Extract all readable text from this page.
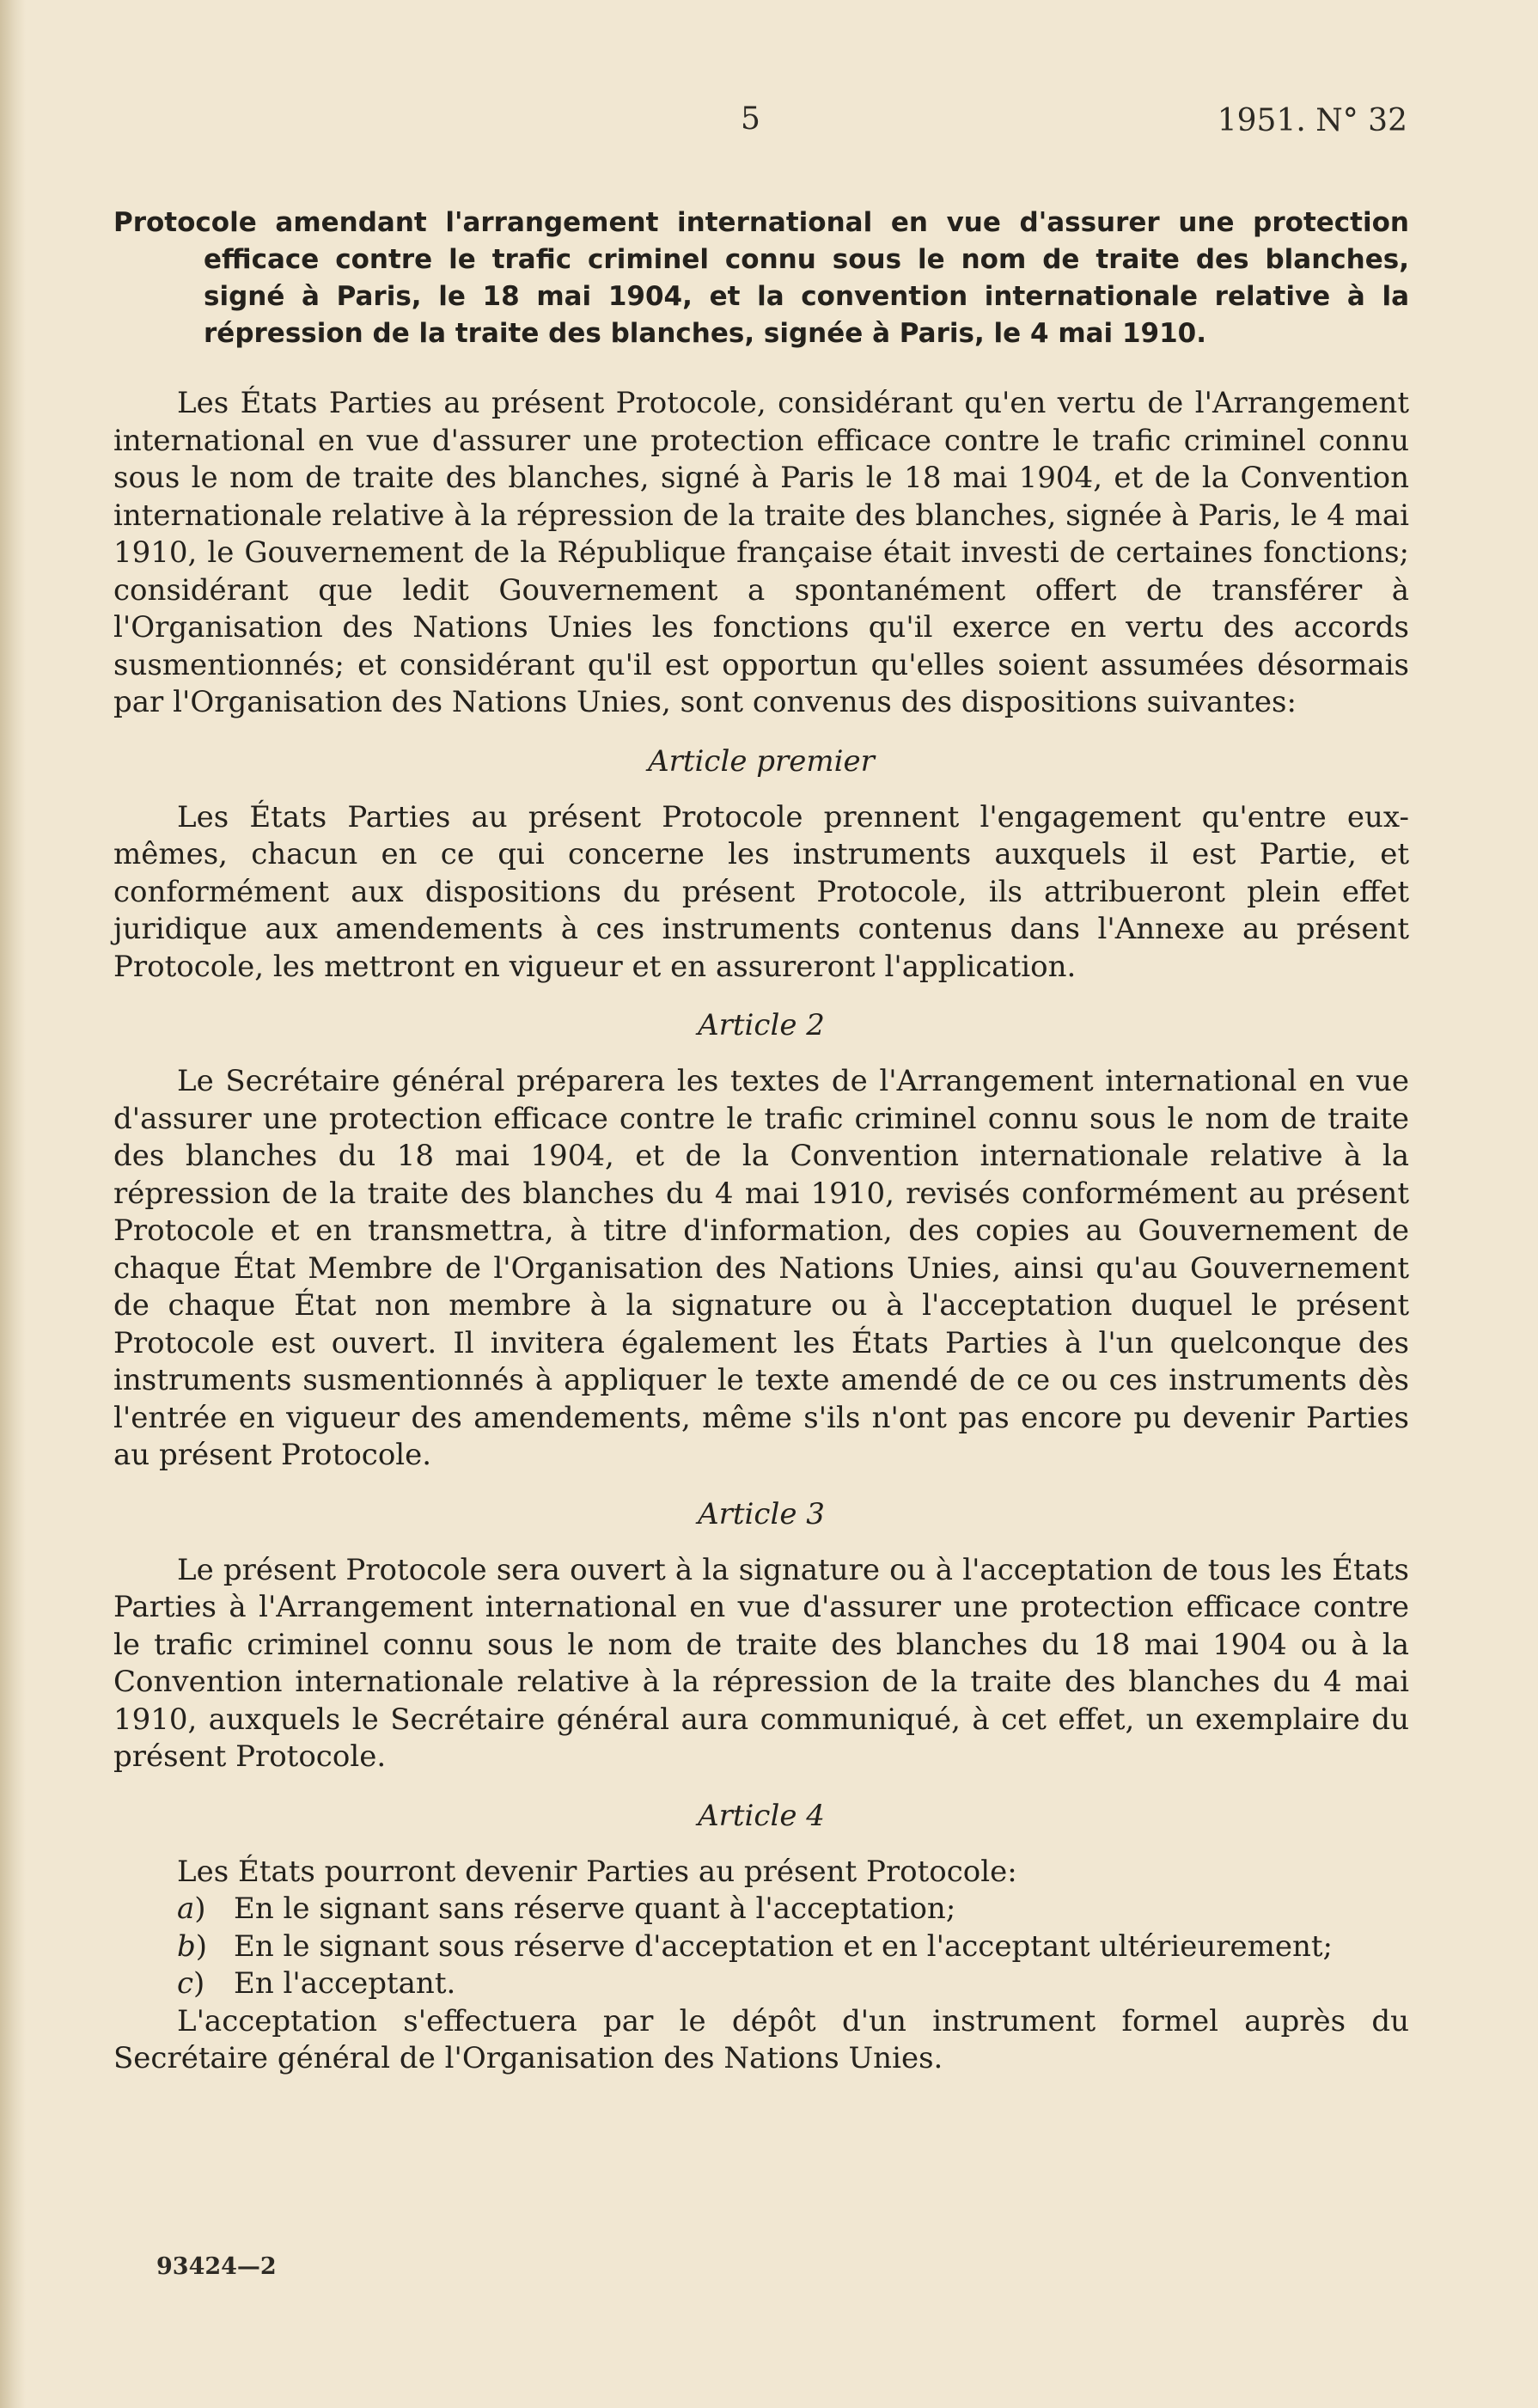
5	1951. N° 32
Protocole amendant l'arrangement international en vue d'assurer une protection efficace contre le trafic criminel connu sous le nom de traite des blanches, signé à Paris, le 18 mai 1904, et la convention internationale relative à la répression de la traite des blanches, signée à Paris, le 4 mai 1910.

Les États Parties au présent Protocole, considérant qu'en vertu de l'Arrangement international en vue d'assurer une protection efficace contre le trafic criminel connu sous le nom de traite des blanches, signé à Paris le 18 mai 1904, et de la Convention internationale relative à la répression de la traite des blanches, signée à Paris, le 4 mai 1910, le Gouvernement de la République française était investi de certaines fonctions; considérant que ledit Gouvernement a spontanément offert de transférer à l'Organisation des Nations Unies les fonctions qu'il exerce en vertu des accords susmentionnés; et considérant qu'il est opportun qu'elles soient assumées désormais par l'Organisation des Nations Unies, sont convenus des dispositions suivantes:

Article premier

Les États Parties au présent Protocole prennent l'engagement qu'entre eux-mêmes, chacun en ce qui concerne les instruments auxquels il est Partie, et conformément aux dispositions du présent Protocole, ils attribueront plein effet juridique aux amendements à ces instruments contenus dans l'Annexe au présent Protocole, les mettront en vigueur et en assureront l'application.

Article 2

Le Secrétaire général préparera les textes de l'Arrangement international en vue d'assurer une protection efficace contre le trafic criminel connu sous le nom de traite des blanches du 18 mai 1904, et de la Convention internationale relative à la répression de la traite des blanches du 4 mai 1910, revisés conformément au présent Protocole et en transmettra, à titre d'information, des copies au Gouvernement de chaque État Membre de l'Organisation des Nations Unies, ainsi qu'au Gouvernement de chaque État non membre à la signature ou à l'acceptation duquel le présent Protocole est ouvert. Il invitera également les États Parties à l'un quelconque des instruments susmentionnés à appliquer le texte amendé de ce ou ces instruments dès l'entrée en vigueur des amendements, même s'ils n'ont pas encore pu devenir Parties au présent Protocole.

Article 3

Le présent Protocole sera ouvert à la signature ou à l'acceptation de tous les États Parties à l'Arrangement international en vue d'assurer une protection efficace contre le trafic criminel connu sous le nom de traite des blanches du 18 mai 1904 ou à la Convention internationale relative à la répression de la traite des blanches du 4 mai 1910, auxquels le Secrétaire général aura communiqué, à cet effet, un exemplaire du présent Protocole.

Article 4

Les États pourront devenir Parties au présent Protocole:

a) En le signant sans réserve quant à l'acceptation;
b) En le signant sous réserve d'acceptation et en l'acceptant ultérieurement;
c) En l'acceptant.

L'acceptation s'effectuera par le dépôt d'un instrument formel auprès du Secrétaire général de l'Organisation des Nations Unies.

93424—2
